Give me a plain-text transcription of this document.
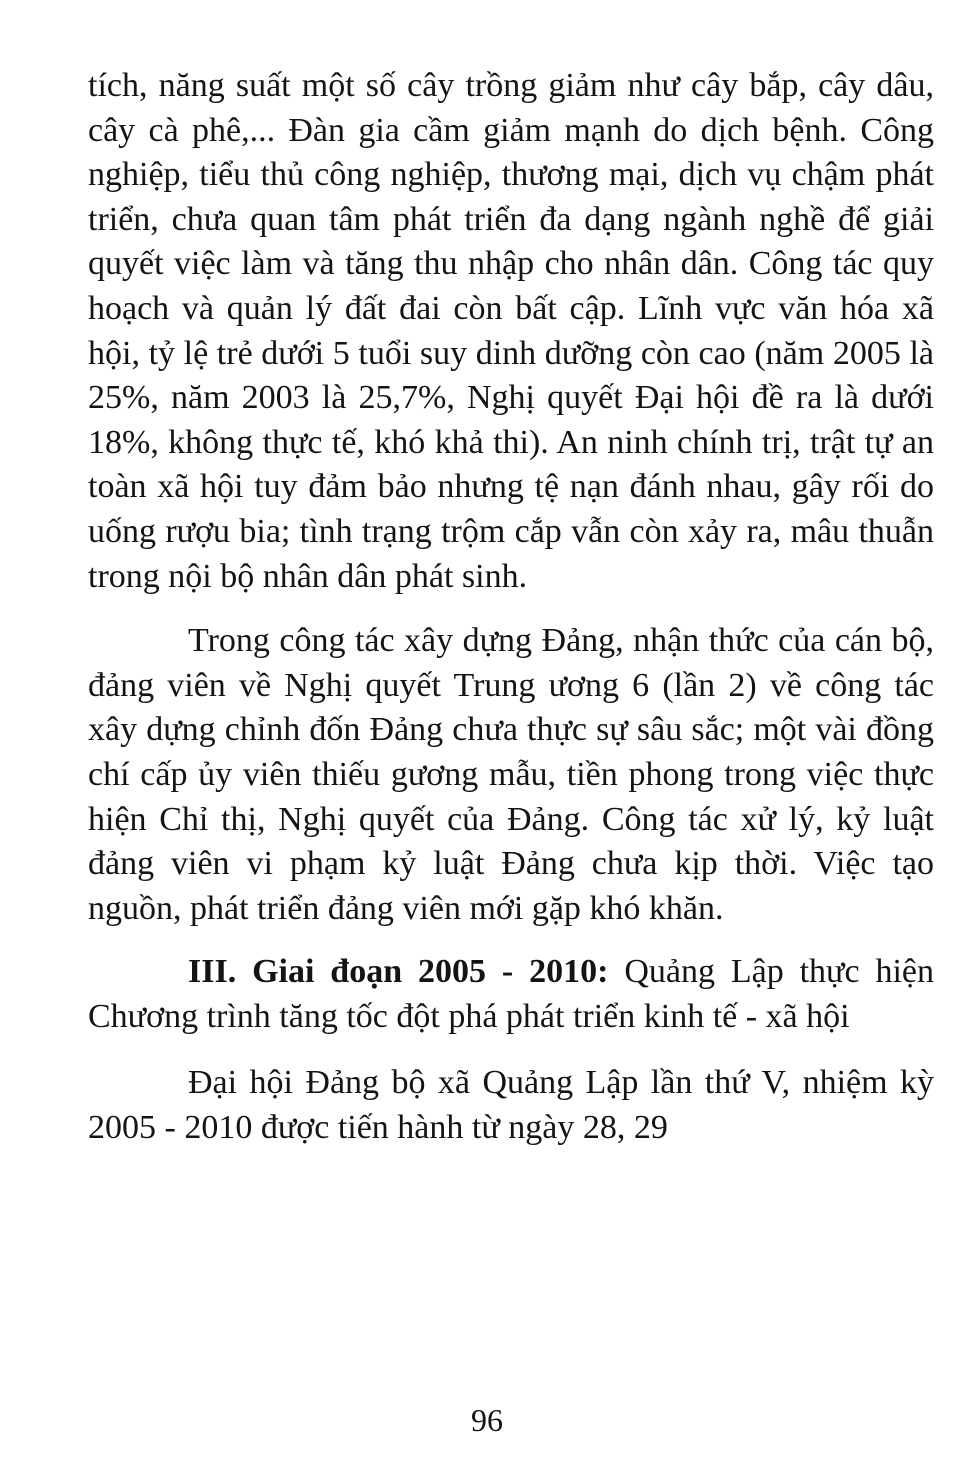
tích, năng suất một số cây trồng giảm như cây bắp, cây dâu, cây cà phê,... Đàn gia cầm giảm mạnh do dịch bệnh. Công nghiệp, tiểu thủ công nghiệp, thương mại, dịch vụ chậm phát triển, chưa quan tâm phát triển đa dạng ngành nghề để giải quyết việc làm và tăng thu nhập cho nhân dân. Công tác quy hoạch và quản lý đất đai còn bất cập. Lĩnh vực văn hóa xã hội, tỷ lệ trẻ dưới 5 tuổi suy dinh dưỡng còn cao (năm 2005 là 25%, năm 2003 là 25,7%, Nghị quyết Đại hội đề ra là dưới 18%, không thực tế, khó khả thi). An ninh chính trị, trật tự an toàn xã hội tuy đảm bảo nhưng tệ nạn đánh nhau, gây rối do uống rượu bia; tình trạng trộm cắp vẫn còn xảy ra, mâu thuẫn trong nội bộ nhân dân phát sinh.

Trong công tác xây dựng Đảng, nhận thức của cán bộ, đảng viên về Nghị quyết Trung ương 6 (lần 2) về công tác xây dựng chỉnh đốn Đảng chưa thực sự sâu sắc; một vài đồng chí cấp ủy viên thiếu gương mẫu, tiền phong trong việc thực hiện Chỉ thị, Nghị quyết của Đảng. Công tác xử lý, kỷ luật đảng viên vi phạm kỷ luật Đảng chưa kịp thời. Việc tạo nguồn, phát triển đảng viên mới gặp khó khăn.

III. Giai đoạn 2005 - 2010: Quảng Lập thực hiện Chương trình tăng tốc đột phá phát triển kinh tế - xã hội

Đại hội Đảng bộ xã Quảng Lập lần thứ V, nhiệm kỳ 2005 - 2010 được tiến hành từ ngày 28, 29

96
